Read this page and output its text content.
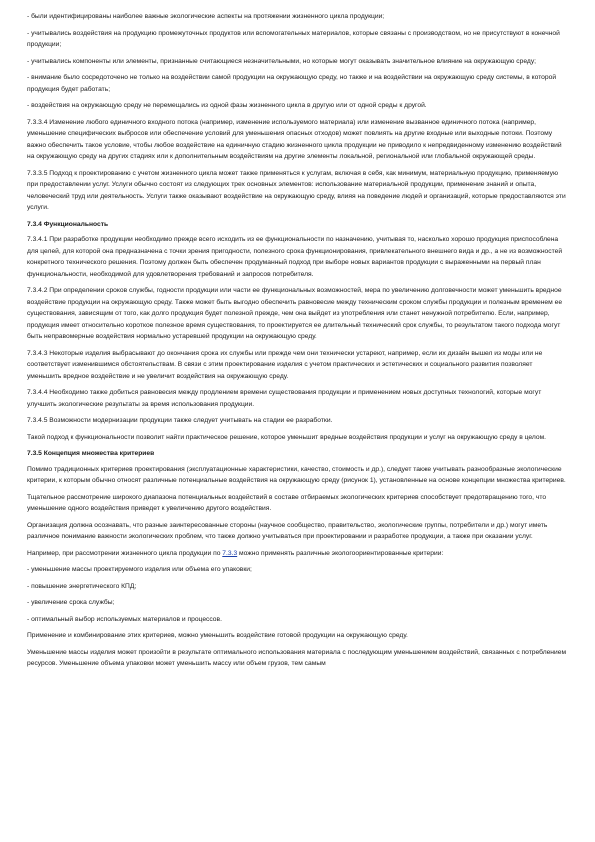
- были идентифицированы наиболее важные экологические аспекты на протяжении жизненного цикла продукции;

- учитывались воздействия на продукцию промежуточных продуктов или вспомогательных материалов, которые связаны с производством, но не присутствуют в конечной продукции;

- учитывались компоненты или элементы, признанные считающиеся незначительными, но которые могут оказывать значительное влияние на окружающую среду;

- внимание было сосредоточено не только на воздействии самой продукции на окружающую среду, но также и на воздействии на окружающую среду системы, в которой продукция будет работать;

- воздействия на окружающую среду не перемещались из одной фазы жизненного цикла в другую или от одной среды к другой.

7.3.3.4 Изменение любого единичного входного потока (например, изменение используемого материала) или изменение вызванное единичного потока (например, уменьшение специфических выбросов или обеспечение условий для уменьшения опасных отходов) может повлиять на другие входные или выходные потоки. Поэтому важно обеспечить такое условие, чтобы любое воздействие на единичную стадию жизненного цикла продукции не приводило к непредвиденному изменению воздействий на окружающую среду на других стадиях или к дополнительным воздействиям на другие элементы локальной, региональной или глобальной окружающей среды.

7.3.3.5 Подход к проектированию с учетом жизненного цикла может также применяться к услугам, включая в себя, как минимум, материальную продукцию, применяемую при предоставлении услуг. Услуги обычно состоят из следующих трех основных элементов: использование материальной продукции, применение знаний и опыта, человеческий труд или деятельность. Услуги также оказывают воздействие на окружающую среду, влияя на поведение людей и организаций, которые предоставляются эти услуги.

7.3.4 Функциональность

7.3.4.1 При разработке продукции необходимо прежде всего исходить из ее функциональности по назначению, учитывая то, насколько хорошо продукция приспособлена для целей, для которой она предназначена с точки зрения пригодности, полезного срока функционирования, привлекательного внешнего вида и др., а не из возможностей конкретного технического решения. Поэтому должен быть обеспечен продуманный подход при выборе новых вариантов продукции с выраженными на первый план функциональности, необходимой для удовлетворения требований и запросов потребителя.

7.3.4.2 При определении сроков службы, годности продукции или части ее функциональных возможностей, мера по увеличению долговечности может уменьшить вредное воздействие продукции на окружающую среду. Также может быть выгодно обеспечить равновесие между техническим сроком службы продукции и полезным временем ее существования, зависящим от того, как долго продукция будет полезной прежде, чем она выйдет из употребления или станет ненужной потребителю. Если, например, продукция имеет относительно короткое полезное время существования, то проектируется ее длительный технический срок службы, то результатом такого подхода могут быть неправомерные воздействия нормально устаревшей продукции на окружающую среду.

7.3.4.3 Некоторые изделия выбрасывают до окончания срока их службы или прежде чем они технически устареют, например, если их дизайн вышел из моды или не соответствует изменившимся обстоятельствам. В связи с этим проектирование изделия с учетом практических и эстетических и социального развития позволяет уменьшить вредное воздействие и не увеличит воздействия на окружающую среду.

7.3.4.4 Необходимо также добиться равновесия между продлением времени существования продукции и применением новых доступных технологий, которые могут улучшить экологические результаты за время использования продукции.

7.3.4.5 Возможности модернизации продукции также следует учитывать на стадии ее разработки.

Такой подход к функциональности позволит найти практическое решение, которое уменьшит вредные воздействия продукции и услуг на окружающую среду в целом.

7.3.5 Концепция множества критериев

Помимо традиционных критериев проектирования (эксплуатационные характеристики, качество, стоимость и др.), следует также учитывать разнообразные экологические критерии, к которым обычно относят различные потенциальные воздействия на окружающую среду (рисунок 1), установленные на основе концепции множества критериев.

Тщательное рассмотрение широкого диапазона потенциальных воздействий в составе отбираемых экологических критериев способствует предотвращению того, что уменьшение одного воздействия приведет к увеличению другого воздействия.

Организация должна осознавать, что разные заинтересованные стороны (научное сообщество, правительство, экологические группы, потребители и др.) могут иметь различное понимание важности экологических проблем, что также должно учитываться при проектировании и разработке продукции, а также при оказании услуг.

Например, при рассмотрении жизненного цикла продукции по 7.3.3 можно применять различные экологоориентированные критерии:

- уменьшение массы проектируемого изделия или объема его упаковки;

- повышение энергетического КПД;

- увеличение срока службы;

- оптимальный выбор используемых материалов и процессов.

Применение и комбинирование этих критериев, можно уменьшить воздействие готовой продукции на окружающую среду.

Уменьшение массы изделия может произойти в результате оптимального использования материала с последующим уменьшением воздействий, связанных с потреблением ресурсов. Уменьшение объема упаковки может уменьшить массу или объем грузов, тем самым
